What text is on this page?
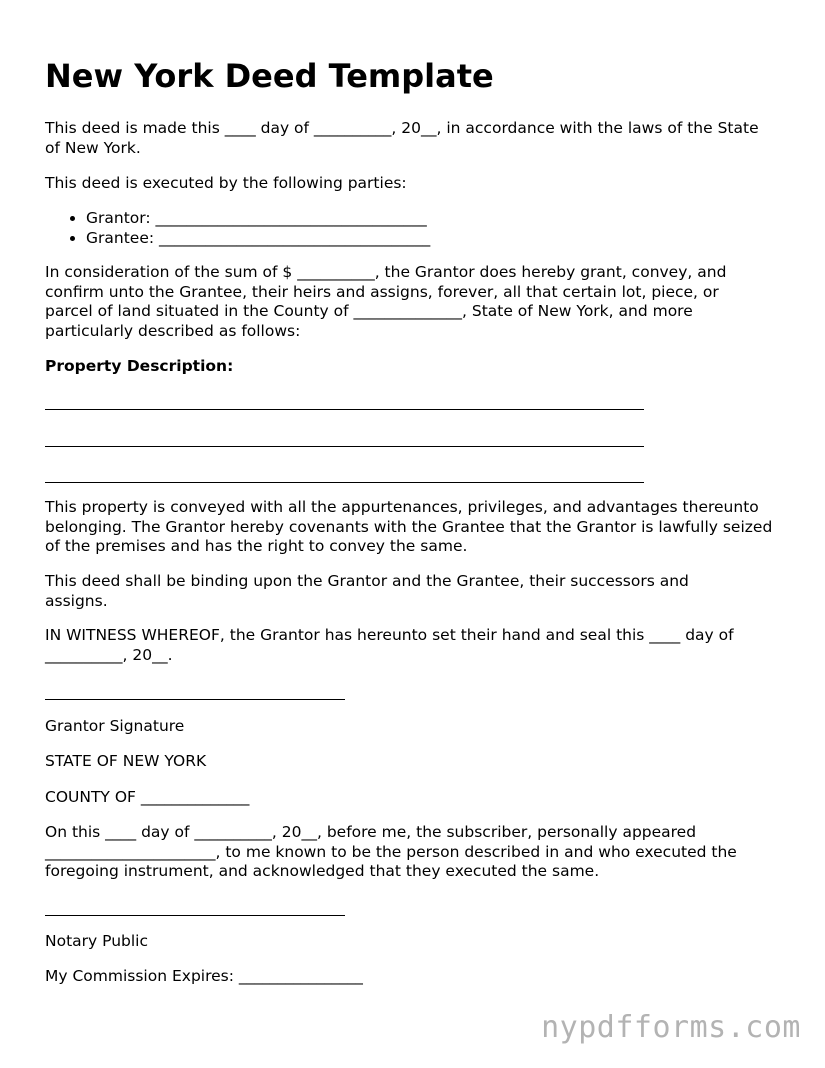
New York Deed Template

This deed is made this ____ day of __________, 20__, in accordance with the laws of the State of New York.

This deed is executed by the following parties:

• Grantor: ___________________________________
• Grantee: ___________________________________

In consideration of the sum of $ __________, the Grantor does hereby grant, convey, and confirm unto the Grantee, their heirs and assigns, forever, all that certain lot, piece, or parcel of land situated in the County of ______________, State of New York, and more particularly described as follows:

Property Description:

This property is conveyed with all the appurtenances, privileges, and advantages thereunto belonging. The Grantor hereby covenants with the Grantee that the Grantor is lawfully seized of the premises and has the right to convey the same.

This deed shall be binding upon the Grantor and the Grantee, their successors and assigns.

IN WITNESS WHEREOF, the Grantor has hereunto set their hand and seal this ____ day of __________, 20__.

Grantor Signature

STATE OF NEW YORK

COUNTY OF ______________

On this ____ day of __________, 20__, before me, the subscriber, personally appeared ______________________, to me known to be the person described in and who executed the foregoing instrument, and acknowledged that they executed the same.

Notary Public

My Commission Expires: ________________

nypdfforms.com
